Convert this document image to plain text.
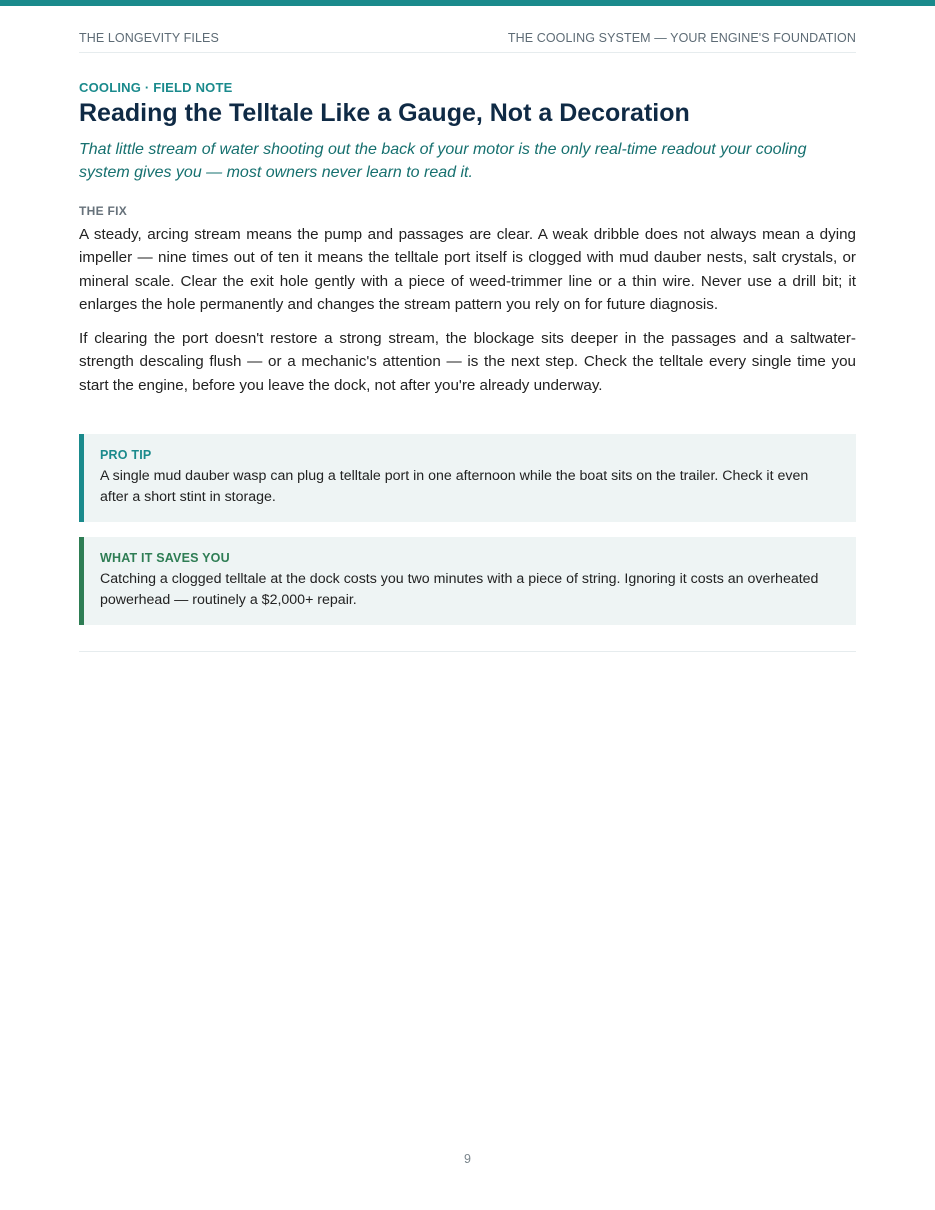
THE LONGEVITY FILES	THE COOLING SYSTEM — YOUR ENGINE'S FOUNDATION

COOLING · FIELD NOTE

Reading the Telltale Like a Gauge, Not a Decoration

That little stream of water shooting out the back of your motor is the only real-time readout your cooling system gives you — most owners never learn to read it.

THE FIX

A steady, arcing stream means the pump and passages are clear. A weak dribble does not always mean a dying impeller — nine times out of ten it means the telltale port itself is clogged with mud dauber nests, salt crystals, or mineral scale. Clear the exit hole gently with a piece of weed-trimmer line or a thin wire. Never use a drill bit; it enlarges the hole permanently and changes the stream pattern you rely on for future diagnosis.

If clearing the port doesn't restore a strong stream, the blockage sits deeper in the passages and a saltwater-strength descaling flush — or a mechanic's attention — is the next step. Check the telltale every single time you start the engine, before you leave the dock, not after you're already underway.

PRO TIP

A single mud dauber wasp can plug a telltale port in one afternoon while the boat sits on the trailer. Check it even after a short stint in storage.

WHAT IT SAVES YOU

Catching a clogged telltale at the dock costs you two minutes with a piece of string. Ignoring it costs an overheated powerhead — routinely a $2,000+ repair.

9
